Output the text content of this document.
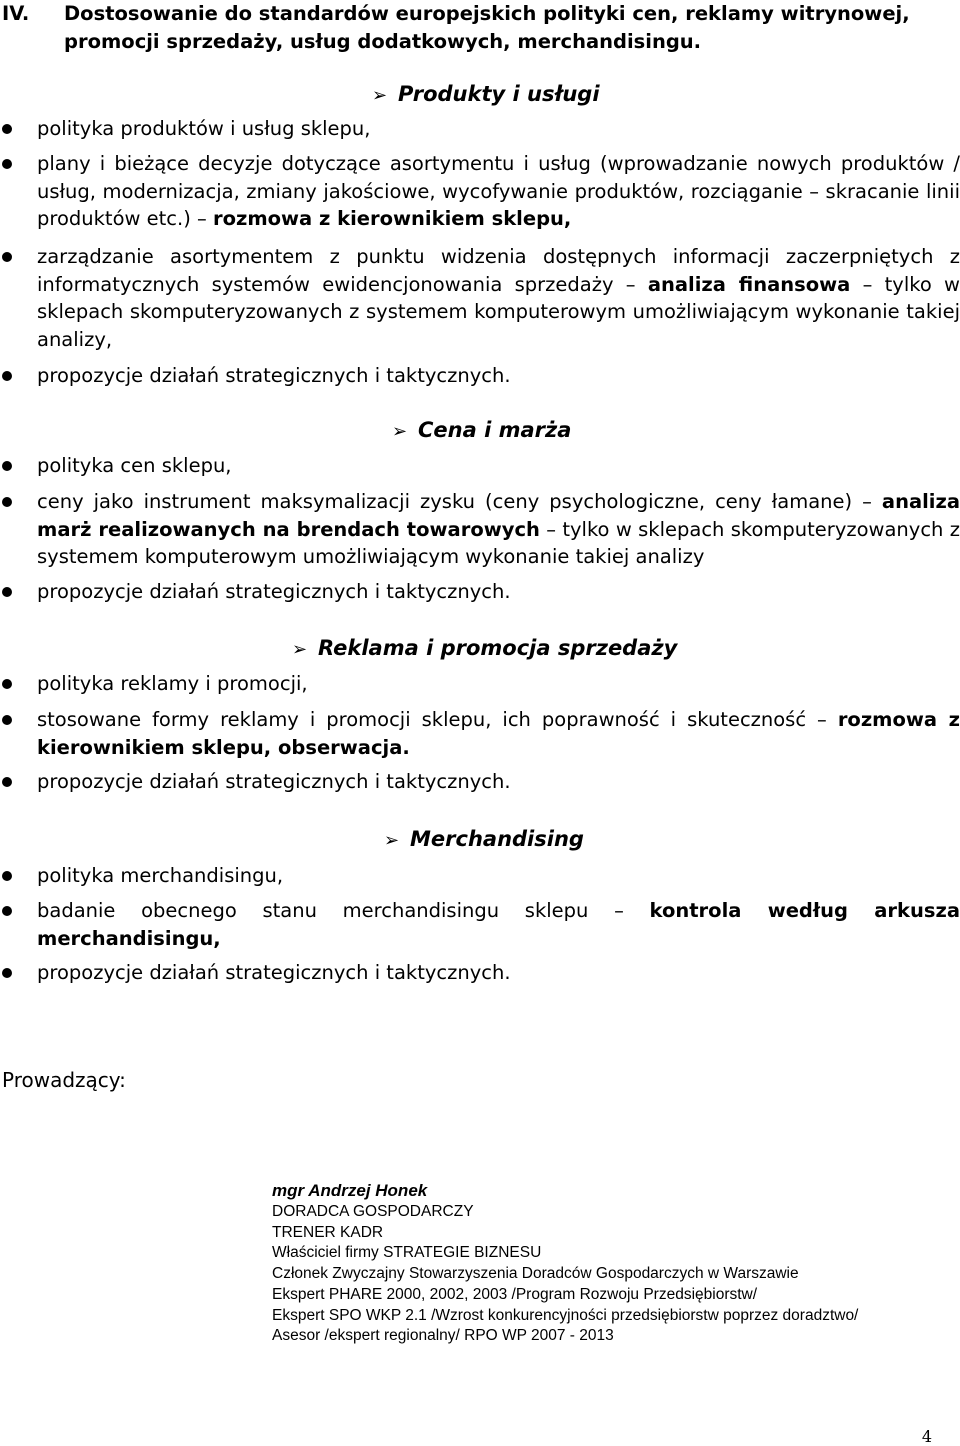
IV. Dostosowanie do standardów europejskich polityki cen, reklamy witrynowej, promocji sprzedaży, usług dodatkowych, merchandisingu.
➢ Produkty i usługi
polityka produktów i usług sklepu,
plany i bieżące decyzje dotyczące asortymentu i usług (wprowadzanie nowych produktów / usług, modernizacja, zmiany jakościowe, wycofywanie produktów, rozciąganie – skracanie linii produktów etc.) – rozmowa z kierownikiem sklepu,
zarządzanie asortymentem z punktu widzenia dostępnych informacji zaczerpniętych z informatycznych systemów ewidencjonowania sprzedaży – analiza finansowa – tylko w sklepach skomputeryzowanych z systemem komputerowym umożliwiającym wykonanie takiej analizy,
propozycje działań strategicznych i taktycznych.
➢ Cena i marża
polityka cen sklepu,
ceny jako instrument maksymalizacji zysku (ceny psychologiczne, ceny łamane) – analiza marż realizowanych na brendach towarowych – tylko w sklepach skomputeryzowanych z systemem komputerowym umożliwiającym wykonanie takiej analizy
propozycje działań strategicznych i taktycznych.
➢ Reklama i promocja sprzedaży
polityka reklamy i promocji,
stosowane formy reklamy i promocji sklepu, ich poprawność i skuteczność – rozmowa z kierownikiem sklepu, obserwacja.
propozycje działań strategicznych i taktycznych.
➢ Merchandising
polityka merchandisingu,
badanie obecnego stanu merchandisingu sklepu – kontrola według arkusza merchandisingu,
propozycje działań strategicznych i taktycznych.
Prowadzący:
mgr Andrzej Honek
DORADCA GOSPODARCZY
TRENER KADR
Właściciel firmy STRATEGIE BIZNESU
Członek Zwyczajny Stowarzyszenia Doradców Gospodarczych w Warszawie
Ekspert PHARE 2000, 2002, 2003 /Program Rozwoju Przedsiębiorstw/
Ekspert SPO WKP 2.1 /Wzrost konkurencyjności przedsiębiorstw poprzez doradztwo/
Asesor /ekspert regionalny/ RPO WP 2007 - 2013
4
